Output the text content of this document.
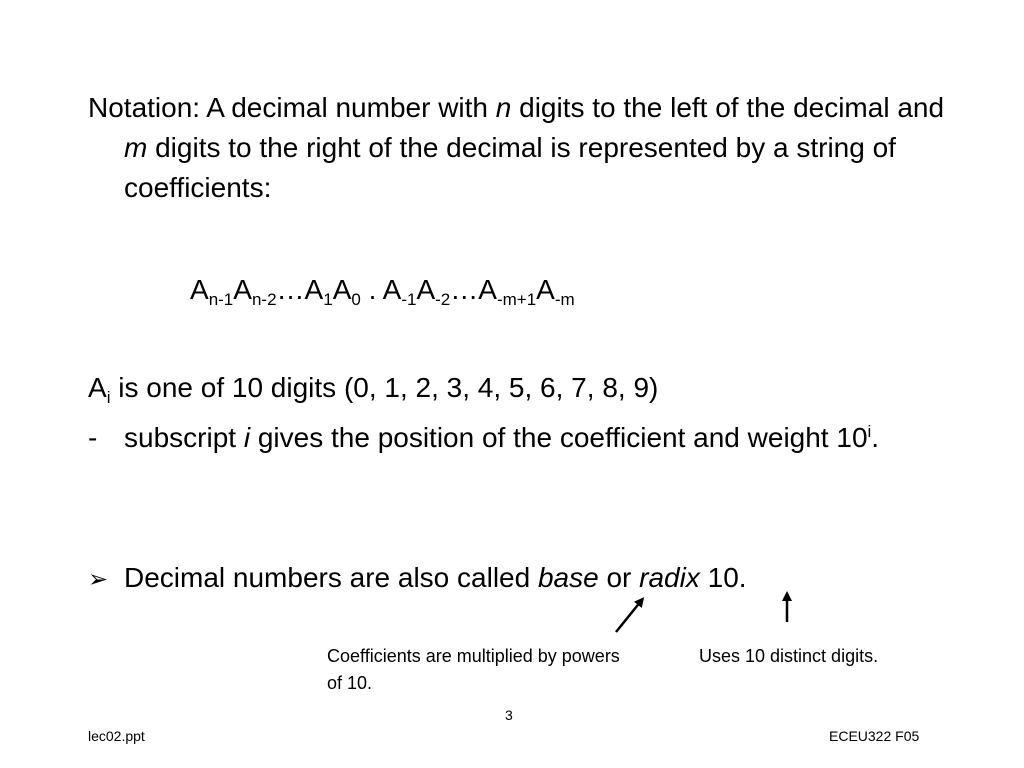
Notation: A decimal number with n digits to the left of the decimal and m digits to the right of the decimal is represented by a string of coefficients:
$A_{n-1}A_{n-2}\dots A_1A_0$ . $A_{-1}A_{-2}\dots A_{-m+1}A_{-m}$
$A_i$ is one of 10 digits (0, 1, 2, 3, 4, 5, 6, 7, 8, 9)
- subscript i gives the position of the coefficient and weight 10$^i$.
➢ Decimal numbers are also called base or radix 10.
Coefficients are multiplied by powers of 10.
Uses 10 distinct digits.
3
lec02.ppt	ECEU322 F05
